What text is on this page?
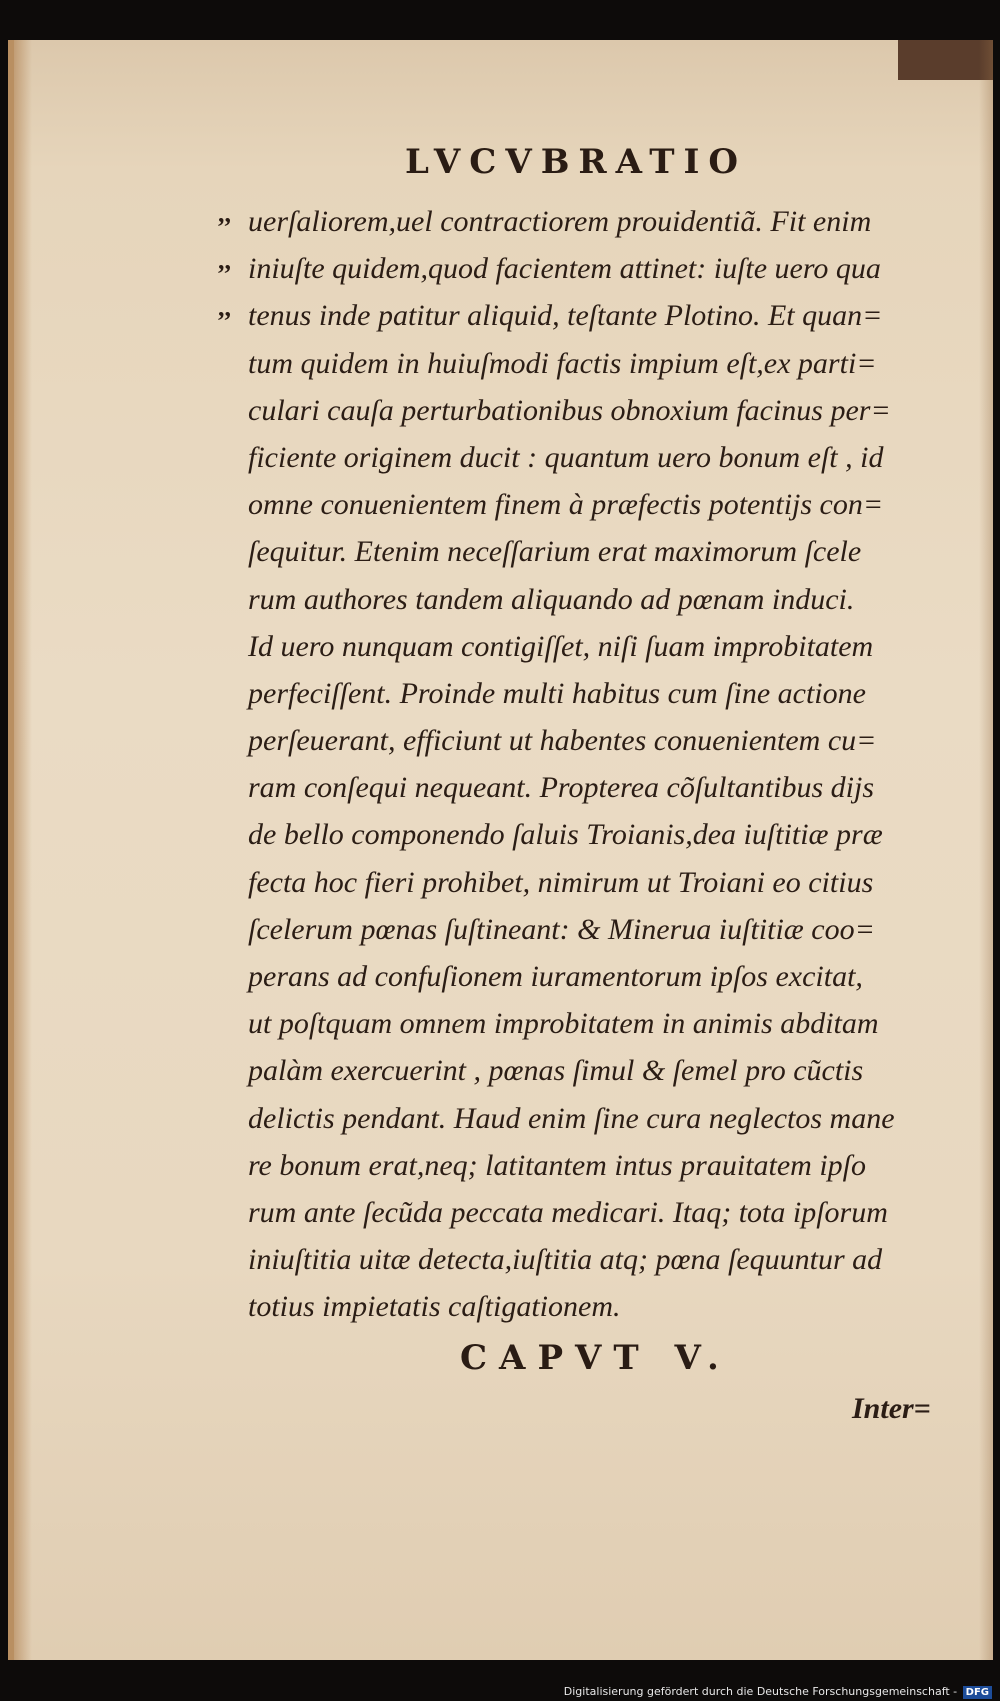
LVCVBRATIO
,,
,,
,,
uerſaliorem,uel contractiorem prouidentiã. Fit enim
iniuſte quidem,quod facientem attinet: iuſte uero qua
tenus inde patitur aliquid, teſtante Plotino. Et quan=
tum quidem in huiuſmodi factis impium eſt,ex parti=
culari cauſa perturbationibus obnoxium facinus per=
ficiente originem ducit : quantum uero bonum eſt , id
omne conuenientem finem à præfectis potentijs con=
ſequitur. Etenim neceſſarium erat maximorum ſcele
rum authores tandem aliquando ad pœnam induci.
Id uero nunquam contigiſſet, niſi ſuam improbitatem
perfeciſſent. Proinde multi habitus cum ſine actione
perſeuerant, efficiunt ut habentes conuenientem cu=
ram conſequi nequeant. Propterea cõſultantibus dijs
de bello componendo ſaluis Troianis,dea iuſtitiæ præ
fecta hoc fieri prohibet, nimirum ut Troiani eo citius
ſcelerum pœnas ſuſtineant: & Minerua iuſtitiæ coo=
perans ad confuſionem iuramentorum ipſos excitat,
ut poſtquam omnem improbitatem in animis abditam
palàm exercuerint , pœnas ſimul & ſemel pro cũctis
delictis pendant. Haud enim ſine cura neglectos mane
re bonum erat,neq; latitantem intus prauitatem ipſo
rum ante ſecũda peccata medicari. Itaq; tota ipſorum
iniuſtitia uitæ detecta,iuſtitia atq; pœna ſequuntur ad
totius impietatis caſtigationem.
CAPVT V.
Inter=
Digitalisierung gefördert durch die Deutsche Forschungsgemeinschaft - DFG
